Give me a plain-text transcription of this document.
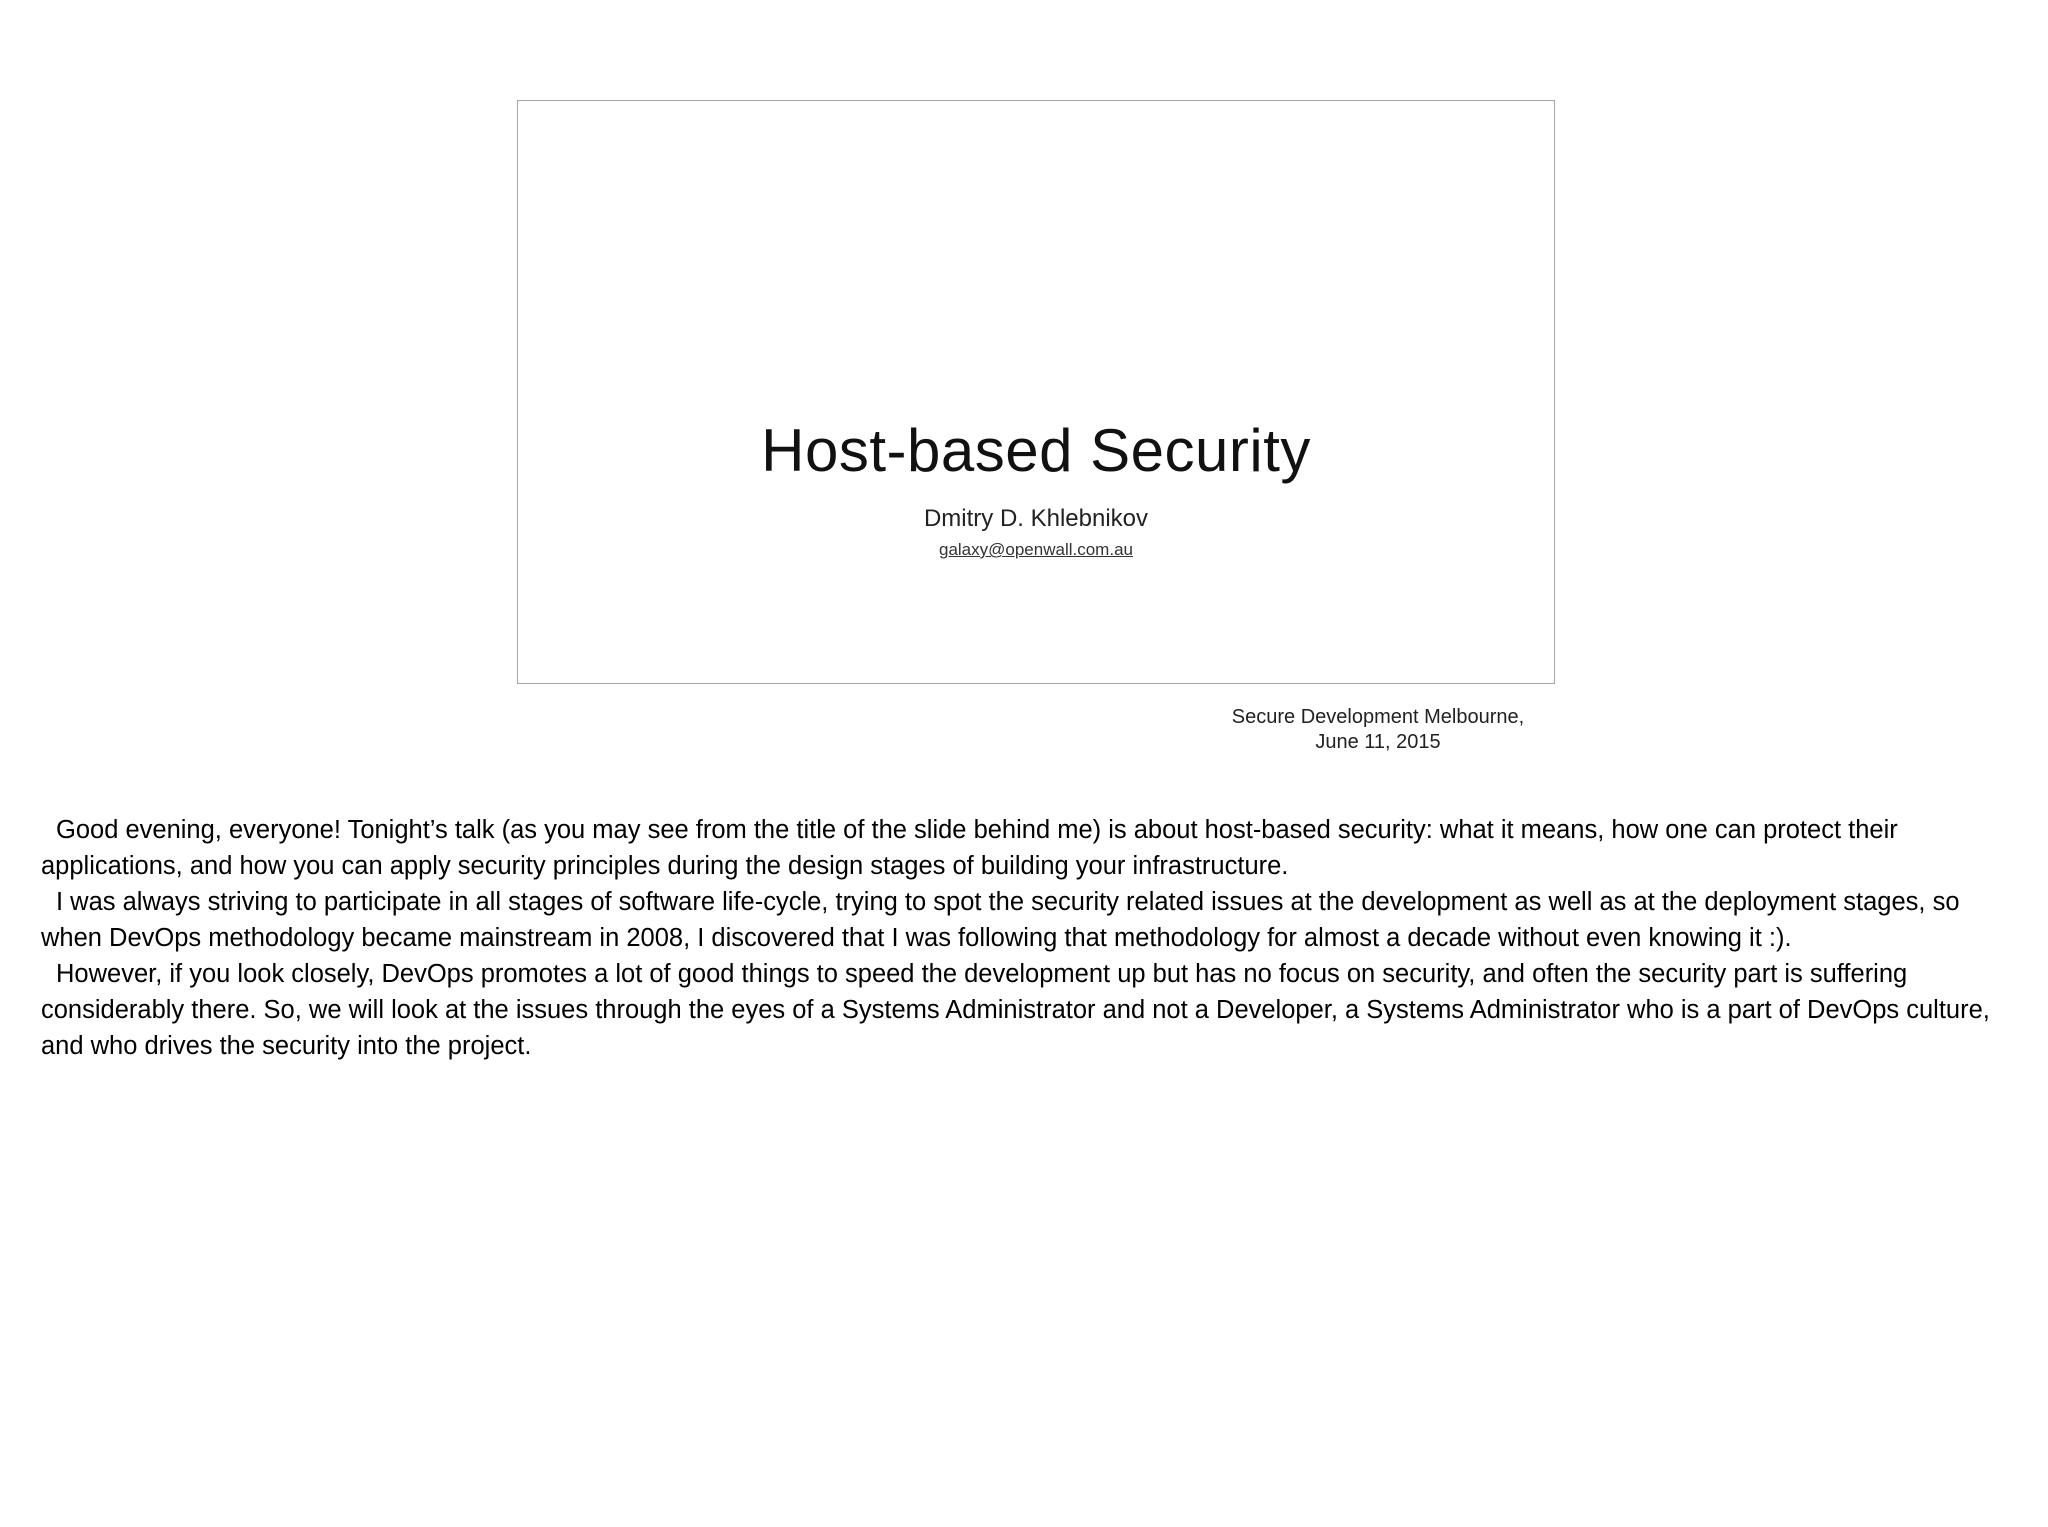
Host-based Security
Dmitry D. Khlebnikov
galaxy@openwall.com.au
Secure Development Melbourne,
June 11, 2015

Good evening, everyone! Tonight’s talk (as you may see from the title of the slide behind me) is about host-based security: what it means, how one can protect their applications, and how you can apply security principles during the design stages of building your infrastructure.

I was always striving to participate in all stages of software life-cycle, trying to spot the security related issues at the development as well as at the deployment stages, so when DevOps methodology became mainstream in 2008, I discovered that I was following that methodology for almost a decade without even knowing it :).

However, if you look closely, DevOps promotes a lot of good things to speed the development up but has no focus on security, and often the security part is suffering considerably there. So, we will look at the issues through the eyes of a Systems Administrator and not a Developer, a Systems Administrator who is a part of DevOps culture, and who drives the security into the project.
